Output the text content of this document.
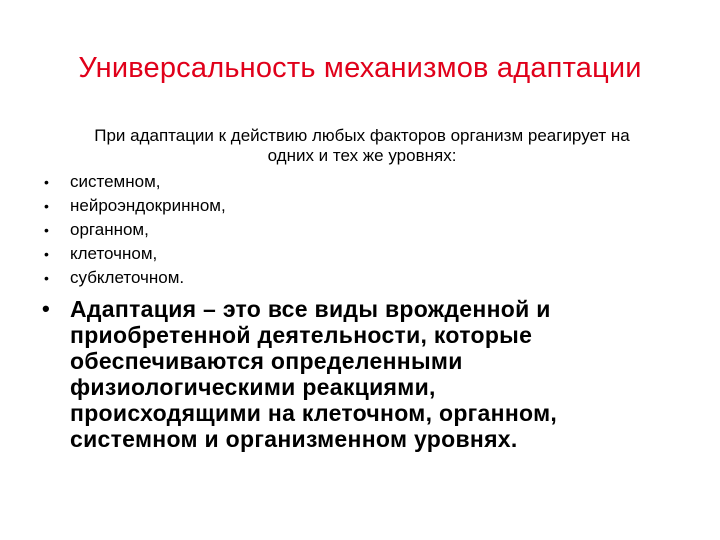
Универсальность механизмов адаптации
При адаптации к действию любых факторов организм реагирует на
одних и тех же уровнях:
•	системном,
•	нейроэндокринном,
•	органном,
•	клеточном,
•	субклеточном.
• Адаптация – это все виды врожденной и
приобретенной деятельности, которые
обеспечиваются определенными
физиологическими реакциями,
происходящими на клеточном, органном,
системном и организменном уровнях.
